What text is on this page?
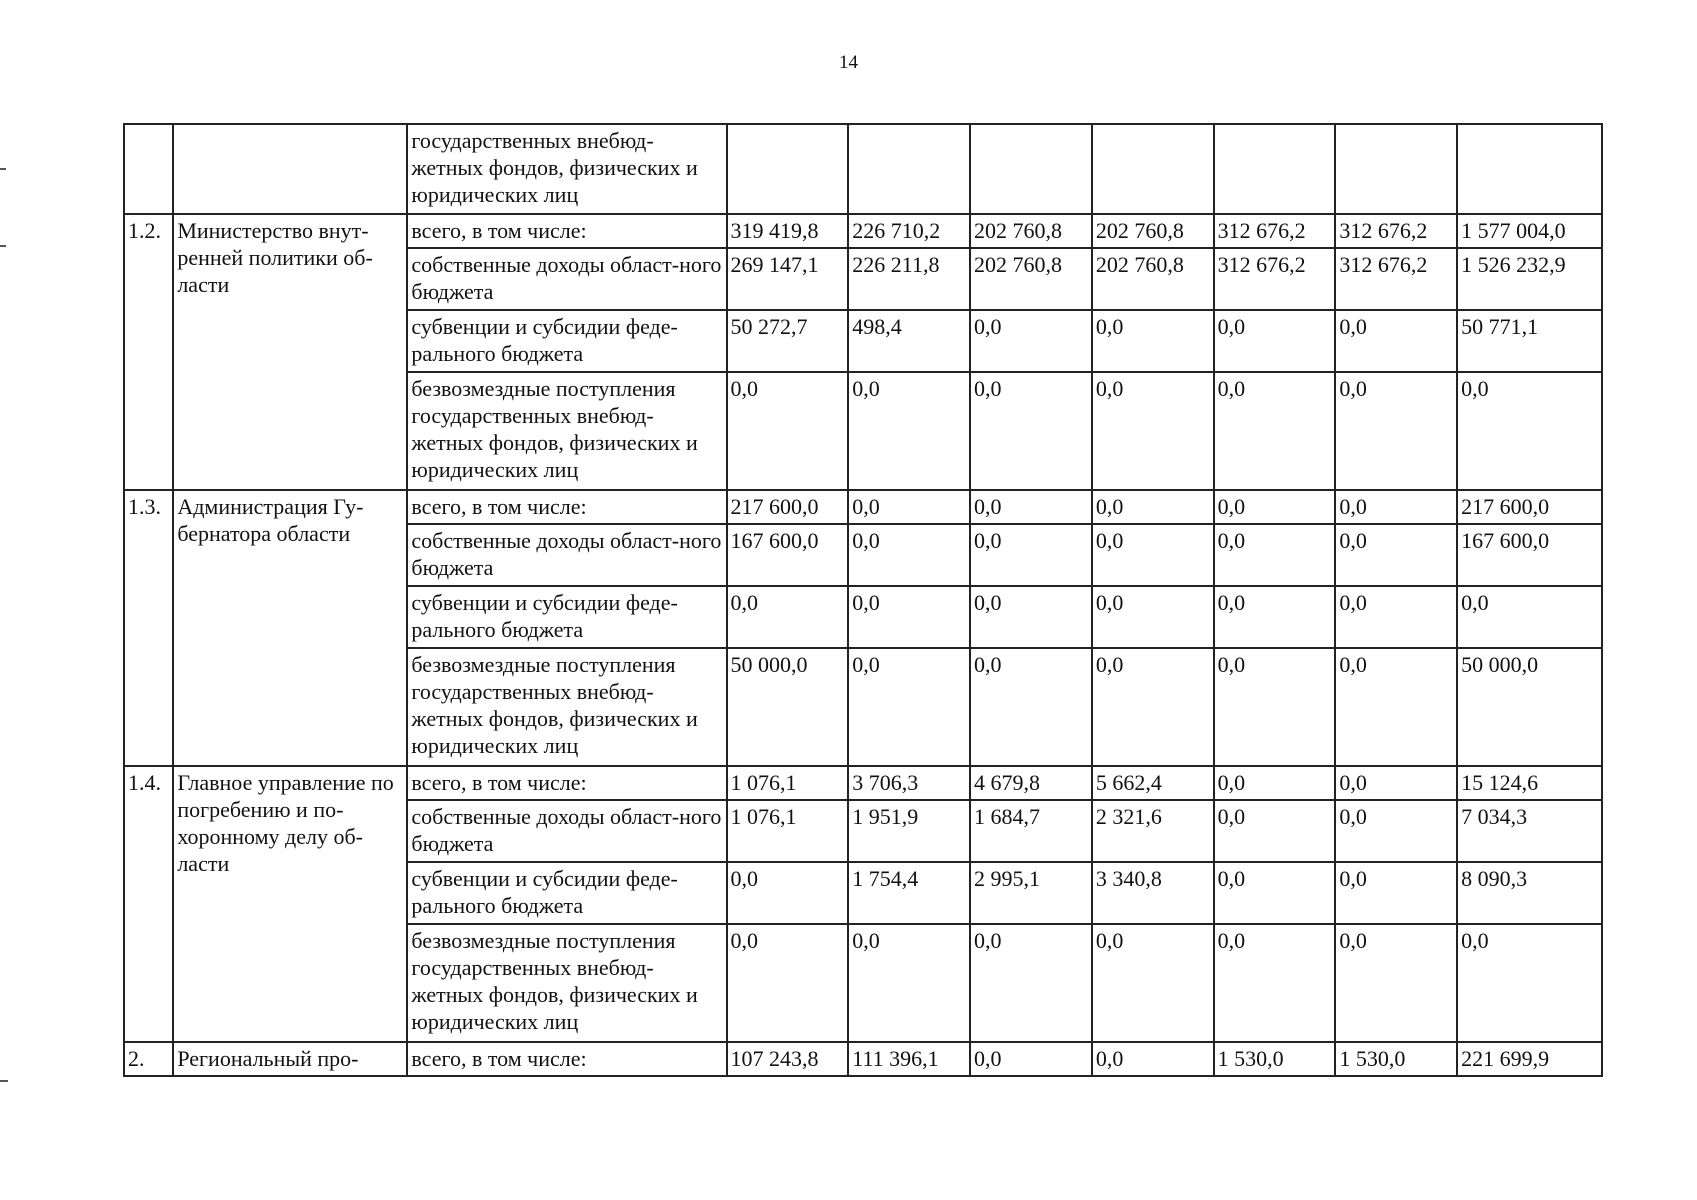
14
		государственных внебюд-жетных фондов, физических и юридических лиц							
1.2.	Министерство внут-ренней политики об-ласти	всего, в том числе:	319 419,8	226 710,2	202 760,8	202 760,8	312 676,2	312 676,2	1 577 004,0
		собственные доходы област-ного бюджета	269 147,1	226 211,8	202 760,8	202 760,8	312 676,2	312 676,2	1 526 232,9
		субвенции и субсидии феде-рального бюджета	50 272,7	498,4	0,0	0,0	0,0	0,0	50 771,1
		безвозмездные поступления государственных внебюд-жетных фондов, физических и юридических лиц	0,0	0,0	0,0	0,0	0,0	0,0	0,0
1.3.	Администрация Гу-бернатора области	всего, в том числе:	217 600,0	0,0	0,0	0,0	0,0	0,0	217 600,0
		собственные доходы област-ного бюджета	167 600,0	0,0	0,0	0,0	0,0	0,0	167 600,0
		субвенции и субсидии феде-рального бюджета	0,0	0,0	0,0	0,0	0,0	0,0	0,0
		безвозмездные поступления государственных внебюд-жетных фондов, физических и юридических лиц	50 000,0	0,0	0,0	0,0	0,0	0,0	50 000,0
1.4.	Главное управление по погребению и по-хоронному делу об-ласти	всего, в том числе:	1 076,1	3 706,3	4 679,8	5 662,4	0,0	0,0	15 124,6
		собственные доходы област-ного бюджета	1 076,1	1 951,9	1 684,7	2 321,6	0,0	0,0	7 034,3
		субвенции и субсидии феде-рального бюджета	0,0	1 754,4	2 995,1	3 340,8	0,0	0,0	8 090,3
		безвозмездные поступления государственных внебюд-жетных фондов, физических и юридических лиц	0,0	0,0	0,0	0,0	0,0	0,0	0,0
2.	Региональный про-	всего, в том числе:	107 243,8	111 396,1	0,0	0,0	1 530,0	1 530,0	221 699,9
